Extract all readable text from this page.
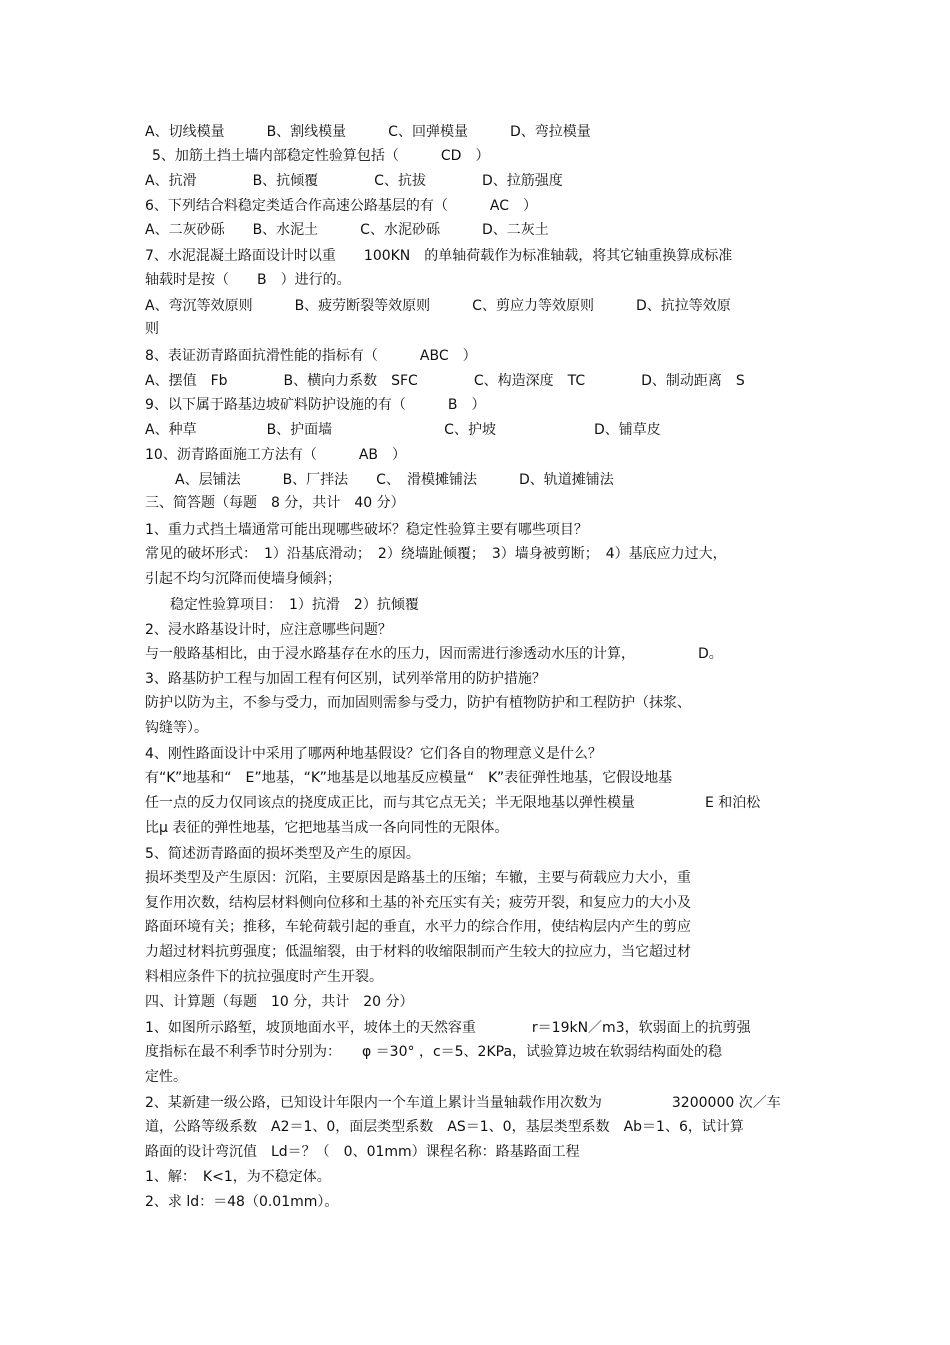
A、切线模量　　　B、割线模量　　　C、回弹模量　　　D、弯拉模量
5、加筋土挡土墙内部稳定性验算包括（　　　CD　）
A、抗滑　　　　B、抗倾覆　　　　C、抗拔　　　　D、拉筋强度
6、下列结合料稳定类适合作高速公路基层的有（　　　AC　）
A、二灰砂砾　　B、水泥土　　　C、水泥砂砾　　　D、二灰土
7、水泥混凝土路面设计时以重　　100KN　的单轴荷载作为标准轴载，将其它轴重换算成标准
轴载时是按（　　B　）进行的。
A、弯沉等效原则　　　B、疲劳断裂等效原则　　　C、剪应力等效原则　　　D、抗拉等效原
则
8、表证沥青路面抗滑性能的指标有（　　　ABC　）
A、摆值　Fb　　　　B、横向力系数　SFC　　　　C、构造深度　TC　　　　D、制动距离　S
9、以下属于路基边坡矿料防护设施的有（　　　B　）
A、种草　　　　　B、护面墙　　　　　　　　C、护坡　　　　　　　D、铺草皮
10、沥青路面施工方法有（　　　AB　）
A、层铺法　　　B、厂拌法　　C、　滑模摊铺法　　　D、轨道摊铺法
三、简答题（每题　8 分，共计　40 分）
1、重力式挡土墙通常可能出现哪些破坏？稳定性验算主要有哪些项目？
常见的破坏形式：　1）沿基底滑动；　2）绕墙趾倾覆；　3）墙身被剪断；　4）基底应力过大，
引起不均匀沉降而使墙身倾斜；
稳定性验算项目：　1）抗滑　2）抗倾覆
2、浸水路基设计时，应注意哪些问题？
与一般路基相比，由于浸水路基存在水的压力，因而需进行渗透动水压的计算，　　　　　D。
3、路基防护工程与加固工程有何区别，试列举常用的防护措施？
防护以防为主，不参与受力，而加固则需参与受力，防护有植物防护和工程防护（抹浆、
钩缝等）。
4、刚性路面设计中采用了哪两种地基假设？它们各自的物理意义是什么？
有“K”地基和“　E”地基，“K”地基是以地基反应模量“　K”表征弹性地基，它假设地基
任一点的反力仅同该点的挠度成正比，而与其它点无关；半无限地基以弹性模量　　　　　E 和泊松
比μ 表征的弹性地基，它把地基当成一各向同性的无限体。
5、简述沥青路面的损坏类型及产生的原因。
损坏类型及产生原因：沉陷，主要原因是路基土的压缩；车辙，主要与荷载应力大小，重
复作用次数，结构层材料侧向位移和土基的补充压实有关；疲劳开裂，和复应力的大小及
路面环境有关；推移，车轮荷载引起的垂直，水平力的综合作用，使结构层内产生的剪应
力超过材料抗剪强度；低温缩裂，由于材料的收缩限制而产生较大的拉应力，当它超过材
料相应条件下的抗拉强度时产生开裂。
四、计算题（每题　10 分，共计　20 分）
1、如图所示路堑，坡顶地面水平，坡体土的天然容重　　　　r＝19kN／m3，软弱面上的抗剪强
度指标在最不利季节时分别为：　　φ ＝30° ，c＝5、2KPa，试验算边坡在软弱结构面处的稳
定性。
2、某新建一级公路，已知设计年限内一个车道上累计当量轴载作用次数为　　　　　3200000 次／车
道，公路等级系数　A2＝1、0，面层类型系数　AS＝1、0，基层类型系数　Ab＝1、6，试计算
路面的设计弯沉值　Ld＝？（　0、01mm）课程名称：路基路面工程
1、解：　K<1，为不稳定体。
2、求 ld：＝48（0.01mm）。
